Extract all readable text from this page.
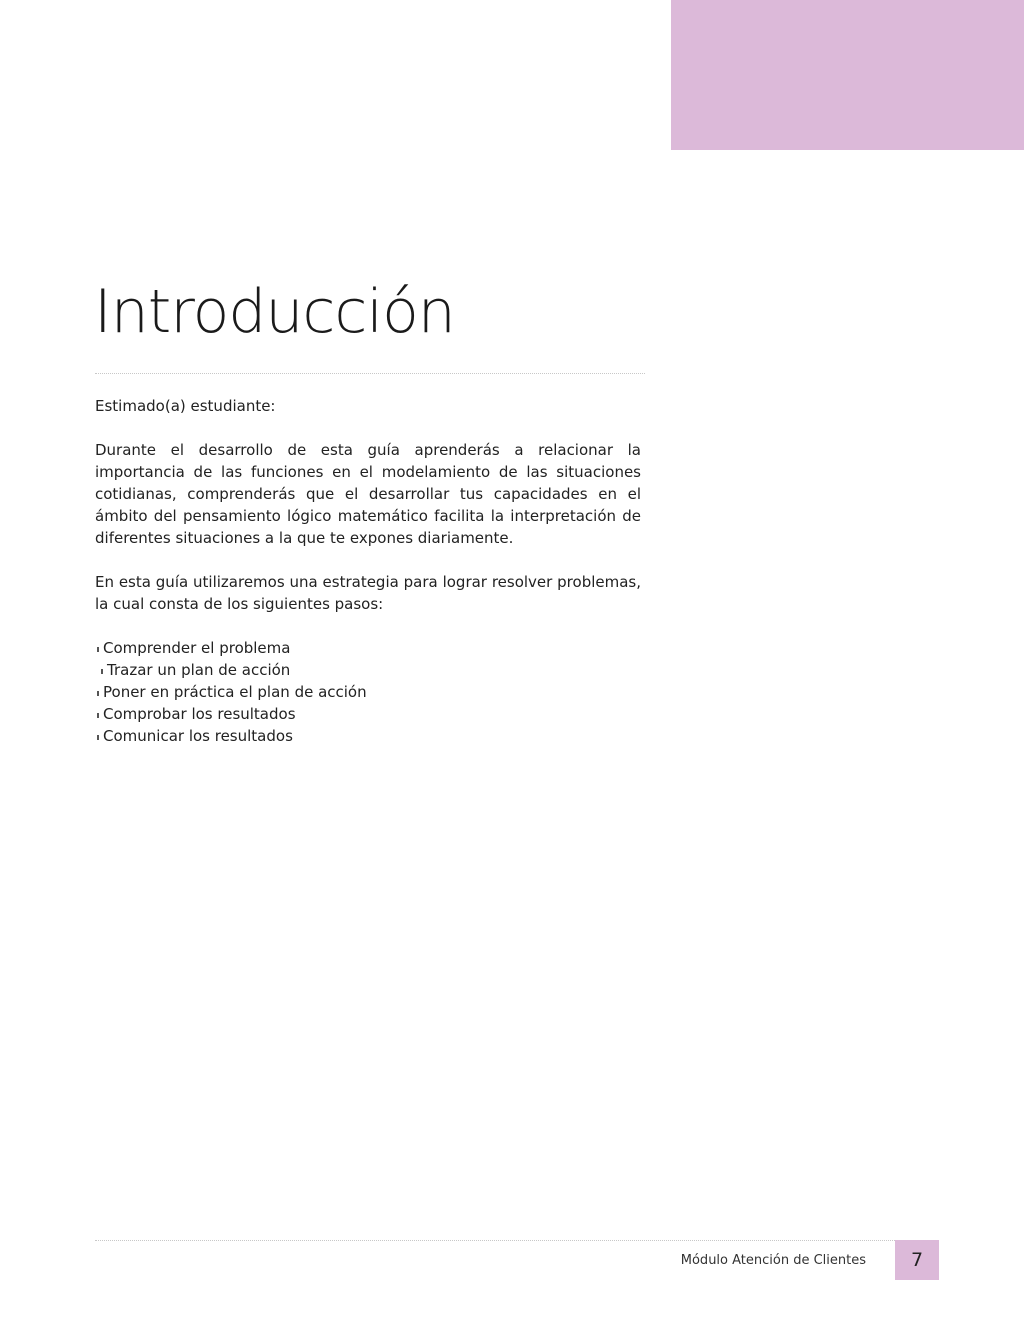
Introducción

Estimado(a) estudiante:

Durante el desarrollo de esta guía aprenderás a relacionar la importancia de las funciones en el modelamiento de las situaciones cotidianas, comprenderás que el desarrollar tus capacidades en el ámbito del pensamiento lógico matemático facilita la interpretación de diferentes situaciones a la que te expones diariamente.

En esta guía utilizaremos una estrategia para lograr resolver problemas, la cual consta de los siguientes pasos:

Comprender el problema
Trazar un plan de acción
Poner en práctica el plan de acción
Comprobar los resultados
Comunicar los resultados
Módulo Atención de Clientes	7
